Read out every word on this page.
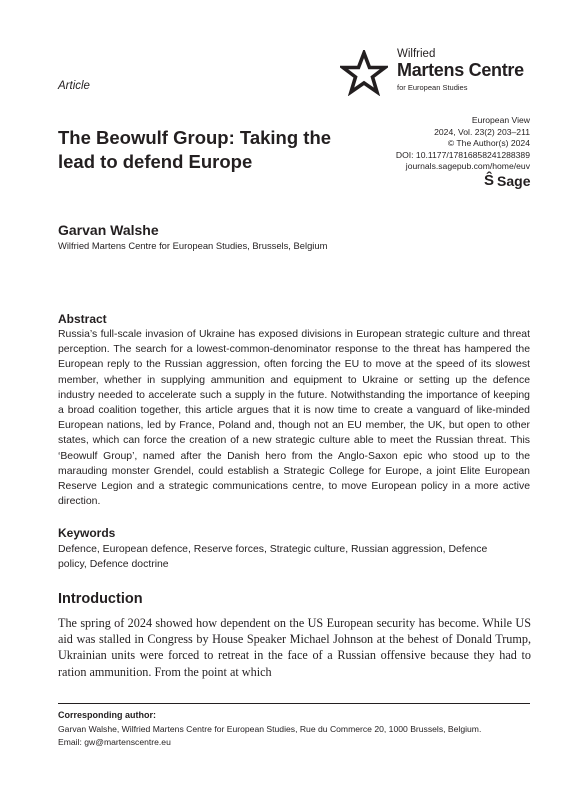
Wilfried
Martens Centre
for European Studies
Article
European View
2024, Vol. 23(2) 203–211
© The Author(s) 2024
DOI: 10.1177/17816858241288389
journals.sagepub.com/home/euv
Ŝ Sage
The Beowulf Group: Taking the lead to defend Europe
Garvan Walshe
Wilfried Martens Centre for European Studies, Brussels, Belgium
Abstract
Russia’s full-scale invasion of Ukraine has exposed divisions in European strategic culture and threat perception. The search for a lowest-common-denominator response to the threat has hampered the European reply to the Russian aggression, often forcing the EU to move at the speed of its slowest member, whether in supplying ammunition and equipment to Ukraine or setting up the defence industry needed to accelerate such a supply in the future. Notwithstanding the importance of keeping a broad coalition together, this article argues that it is now time to create a vanguard of like-minded European nations, led by France, Poland and, though not an EU member, the UK, but open to other states, which can force the creation of a new strategic culture able to meet the Russian threat. This ‘Beowulf Group’, named after the Danish hero from the Anglo-Saxon epic who stood up to the marauding monster Grendel, could establish a Strategic College for Europe, a joint Elite European Reserve Legion and a strategic communications centre, to move European policy in a more active direction.
Keywords
Defence, European defence, Reserve forces, Strategic culture, Russian aggression, Defence policy, Defence doctrine
Introduction
The spring of 2024 showed how dependent on the US European security has become. While US aid was stalled in Congress by House Speaker Michael Johnson at the behest of Donald Trump, Ukrainian units were forced to retreat in the face of a Russian offensive because they had to ration ammunition. From the point at which
Corresponding author:
Garvan Walshe, Wilfried Martens Centre for European Studies, Rue du Commerce 20, 1000 Brussels, Belgium.
Email: gw@martenscentre.eu
